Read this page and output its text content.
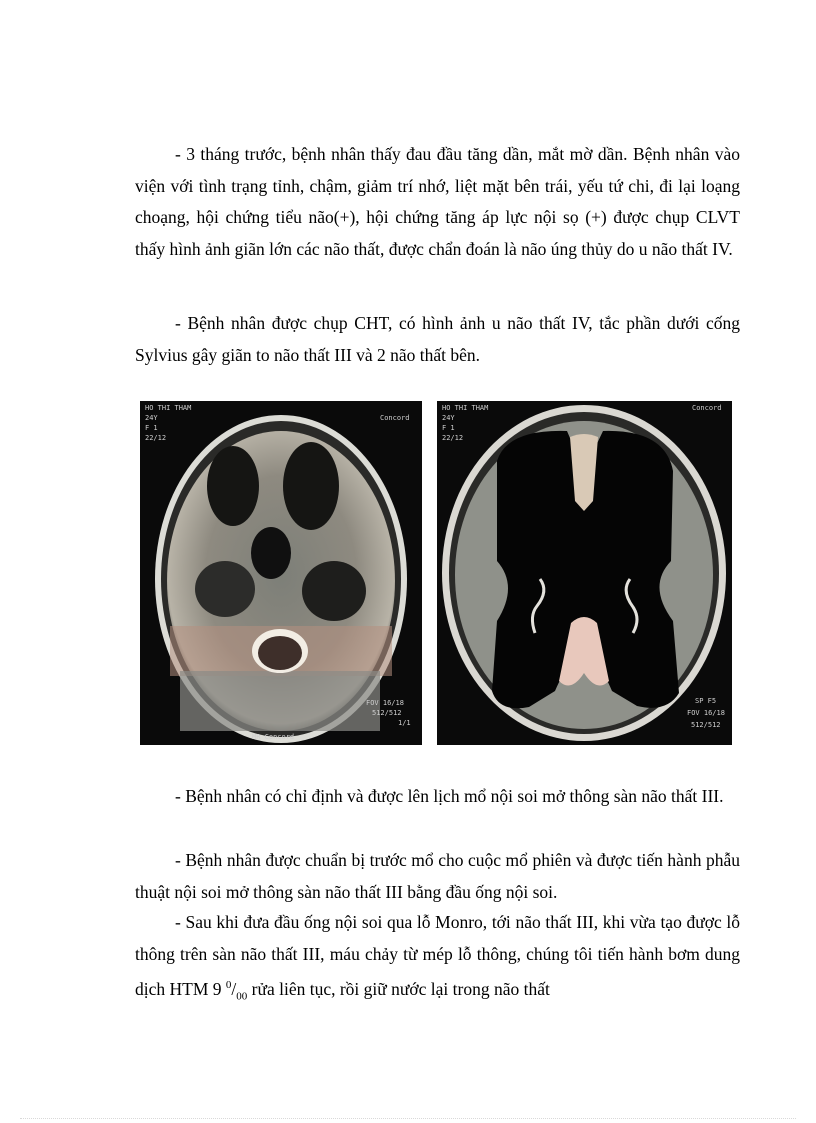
- 3 tháng trước, bệnh nhân thấy đau đầu tăng dần, mắt mờ dần. Bệnh nhân vào viện với tình trạng tỉnh, chậm, giảm trí nhớ, liệt mặt bên trái, yếu tứ chi, đi lại loạng choạng, hội chứng tiểu não(+), hội chứng tăng áp lực nội sọ (+) được chụp CLVT thấy hình ảnh giãn lớn các não thất, được chẩn đoán là não úng thủy do u não thất IV.

- Bệnh nhân được chụp CHT, có hình ảnh u não thất IV, tắc phần dưới cống Sylvius gây giãn to não thất III và 2 não thất bên.

HO THI THAM
24Y
F 1
22/12
Concord
FOV 16/18
512/512
1/1
MR Concord
HO THI THAM
24Y
F 1
22/12
Concord
SP F5
FOV 16/18
512/512

- Bệnh nhân có chỉ định và được lên lịch mổ nội soi mở thông sàn não thất III.

- Bệnh nhân được chuẩn bị trước mổ cho cuộc mổ phiên và được tiến hành phẫu thuật nội soi mở thông sàn não thất III bằng đầu ống nội soi.

- Sau khi đưa đầu ống nội soi qua lỗ Monro, tới não thất III, khi vừa tạo được lỗ thông trên sàn não thất III, máu chảy từ mép lỗ thông, chúng tôi tiến hành bơm dung dịch HTM 9 $^0/_{00}$ rửa liên tục, rồi giữ nước lại trong não thất
